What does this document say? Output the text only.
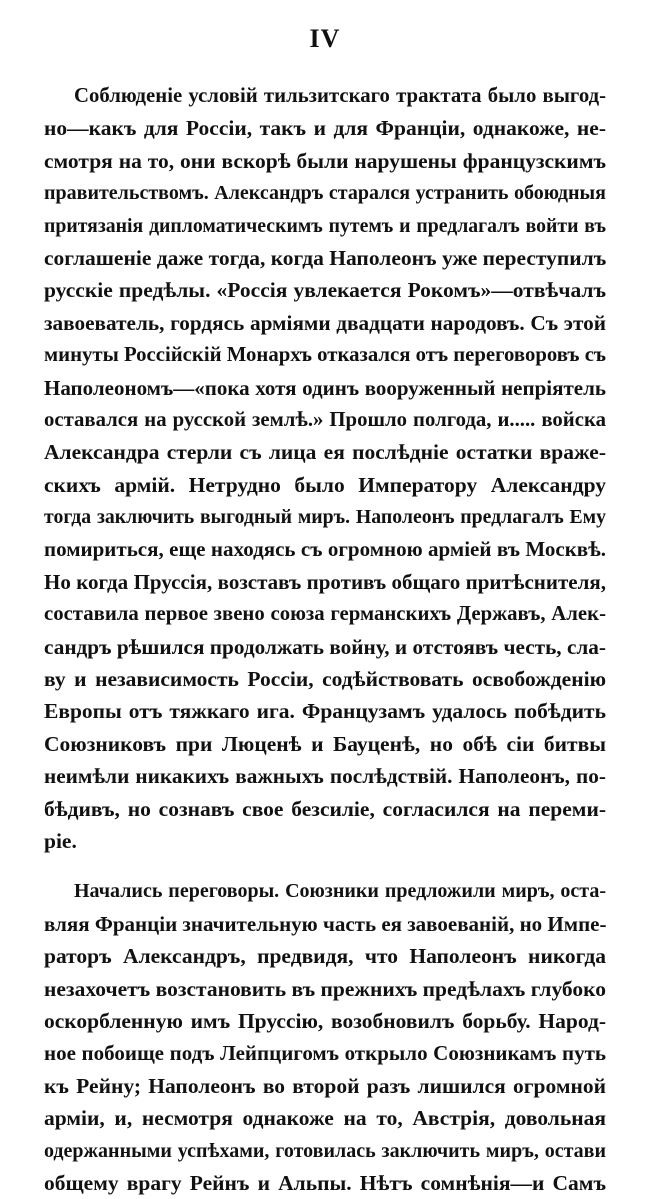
IV
Соблюденіе условій тильзитскаго трактата было выгод-
но—какъ для Россіи, такъ и для Франціи, однакоже, не-
смотря на то, они вскорѣ были нарушены французскимъ
правительствомъ. Александръ старался устранить обоюдныя
притязанія дипломатическимъ путемъ и предлагалъ войти въ
соглашеніе даже тогда, когда Наполеонъ уже переступилъ
русскіе предѣлы. «Россія увлекается Рокомъ»—отвѣчалъ
завоеватель, гордясь арміями двадцати народовъ. Съ этой
минуты Россійскій Монархъ отказался отъ переговоровъ съ
Наполеономъ—«пока хотя одинъ вооруженный непріятель
оставался на русской землѣ.» Прошло полгода, и..... войска
Александра стерли съ лица ея послѣдніе остатки враже-
скихъ армій. Нетрудно было Императору Александру
тогда заключить выгодный миръ. Наполеонъ предлагалъ Ему
помириться, еще находясь съ огромною арміей въ Москвѣ.
Но когда Пруссія, возставъ противъ общаго притѣснителя,
составила первое звено союза германскихъ Державъ, Алек-
сандръ рѣшился продолжать войну, и отстоявъ честь, сла-
ву и независимость Россіи, содѣйствовать освобожденію
Европы отъ тяжкаго ига. Французамъ удалось побѣдить
Союзниковъ при Люценѣ и Бауценѣ, но обѣ сіи битвы
неимѣли никакихъ важныхъ послѣдствій. Наполеонъ, по-
бѣдивъ, но сознавъ свое безсиліе, согласился на переми-
ріе.
Начались переговоры. Союзники предложили миръ, оста-
вляя Франціи значительную часть ея завоеваній, но Импе-
раторъ Александръ, предвидя, что Наполеонъ никогда
незахочетъ возстановить въ прежнихъ предѣлахъ глубоко
оскорбленную имъ Пруссію, возобновилъ борьбу. Народ-
ное побоище подъ Лейпцигомъ открыло Союзникамъ путь
къ Рейну; Наполеонъ во второй разъ лишился огромной
арміи, и, несмотря однакоже на то, Австрія, довольная
одержанными успѣхами, готовилась заключить миръ, остави
общему врагу Рейнъ и Альпы. Нѣтъ сомнѣнія—и Самъ
